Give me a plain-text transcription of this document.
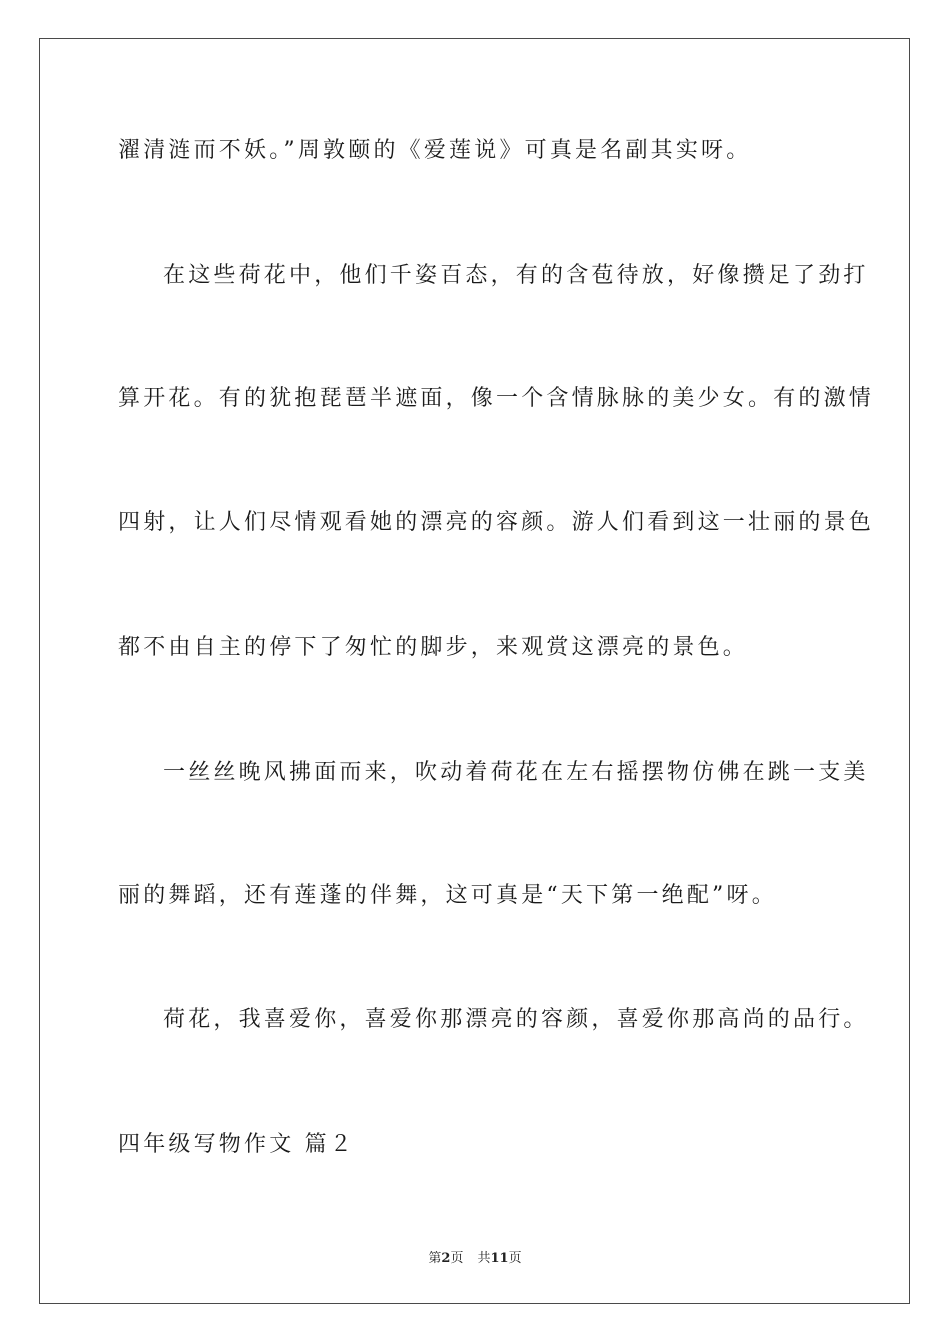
濯清涟而不妖。”周敦颐的《爱莲说》可真是名副其实呀。
在这些荷花中，他们千姿百态，有的含苞待放，好像攒足了劲打
算开花。有的犹抱琵琶半遮面，像一个含情脉脉的美少女。有的激情
四射，让人们尽情观看她的漂亮的容颜。游人们看到这一壮丽的景色
都不由自主的停下了匆忙的脚步，来观赏这漂亮的景色。
一丝丝晚风拂面而来，吹动着荷花在左右摇摆物仿佛在跳一支美
丽的舞蹈，还有莲蓬的伴舞，这可真是“天下第一绝配”呀。
荷花，我喜爱你，喜爱你那漂亮的容颜，喜爱你那高尚的品行。
四年级写物作文 篇２
第2页 共11页
